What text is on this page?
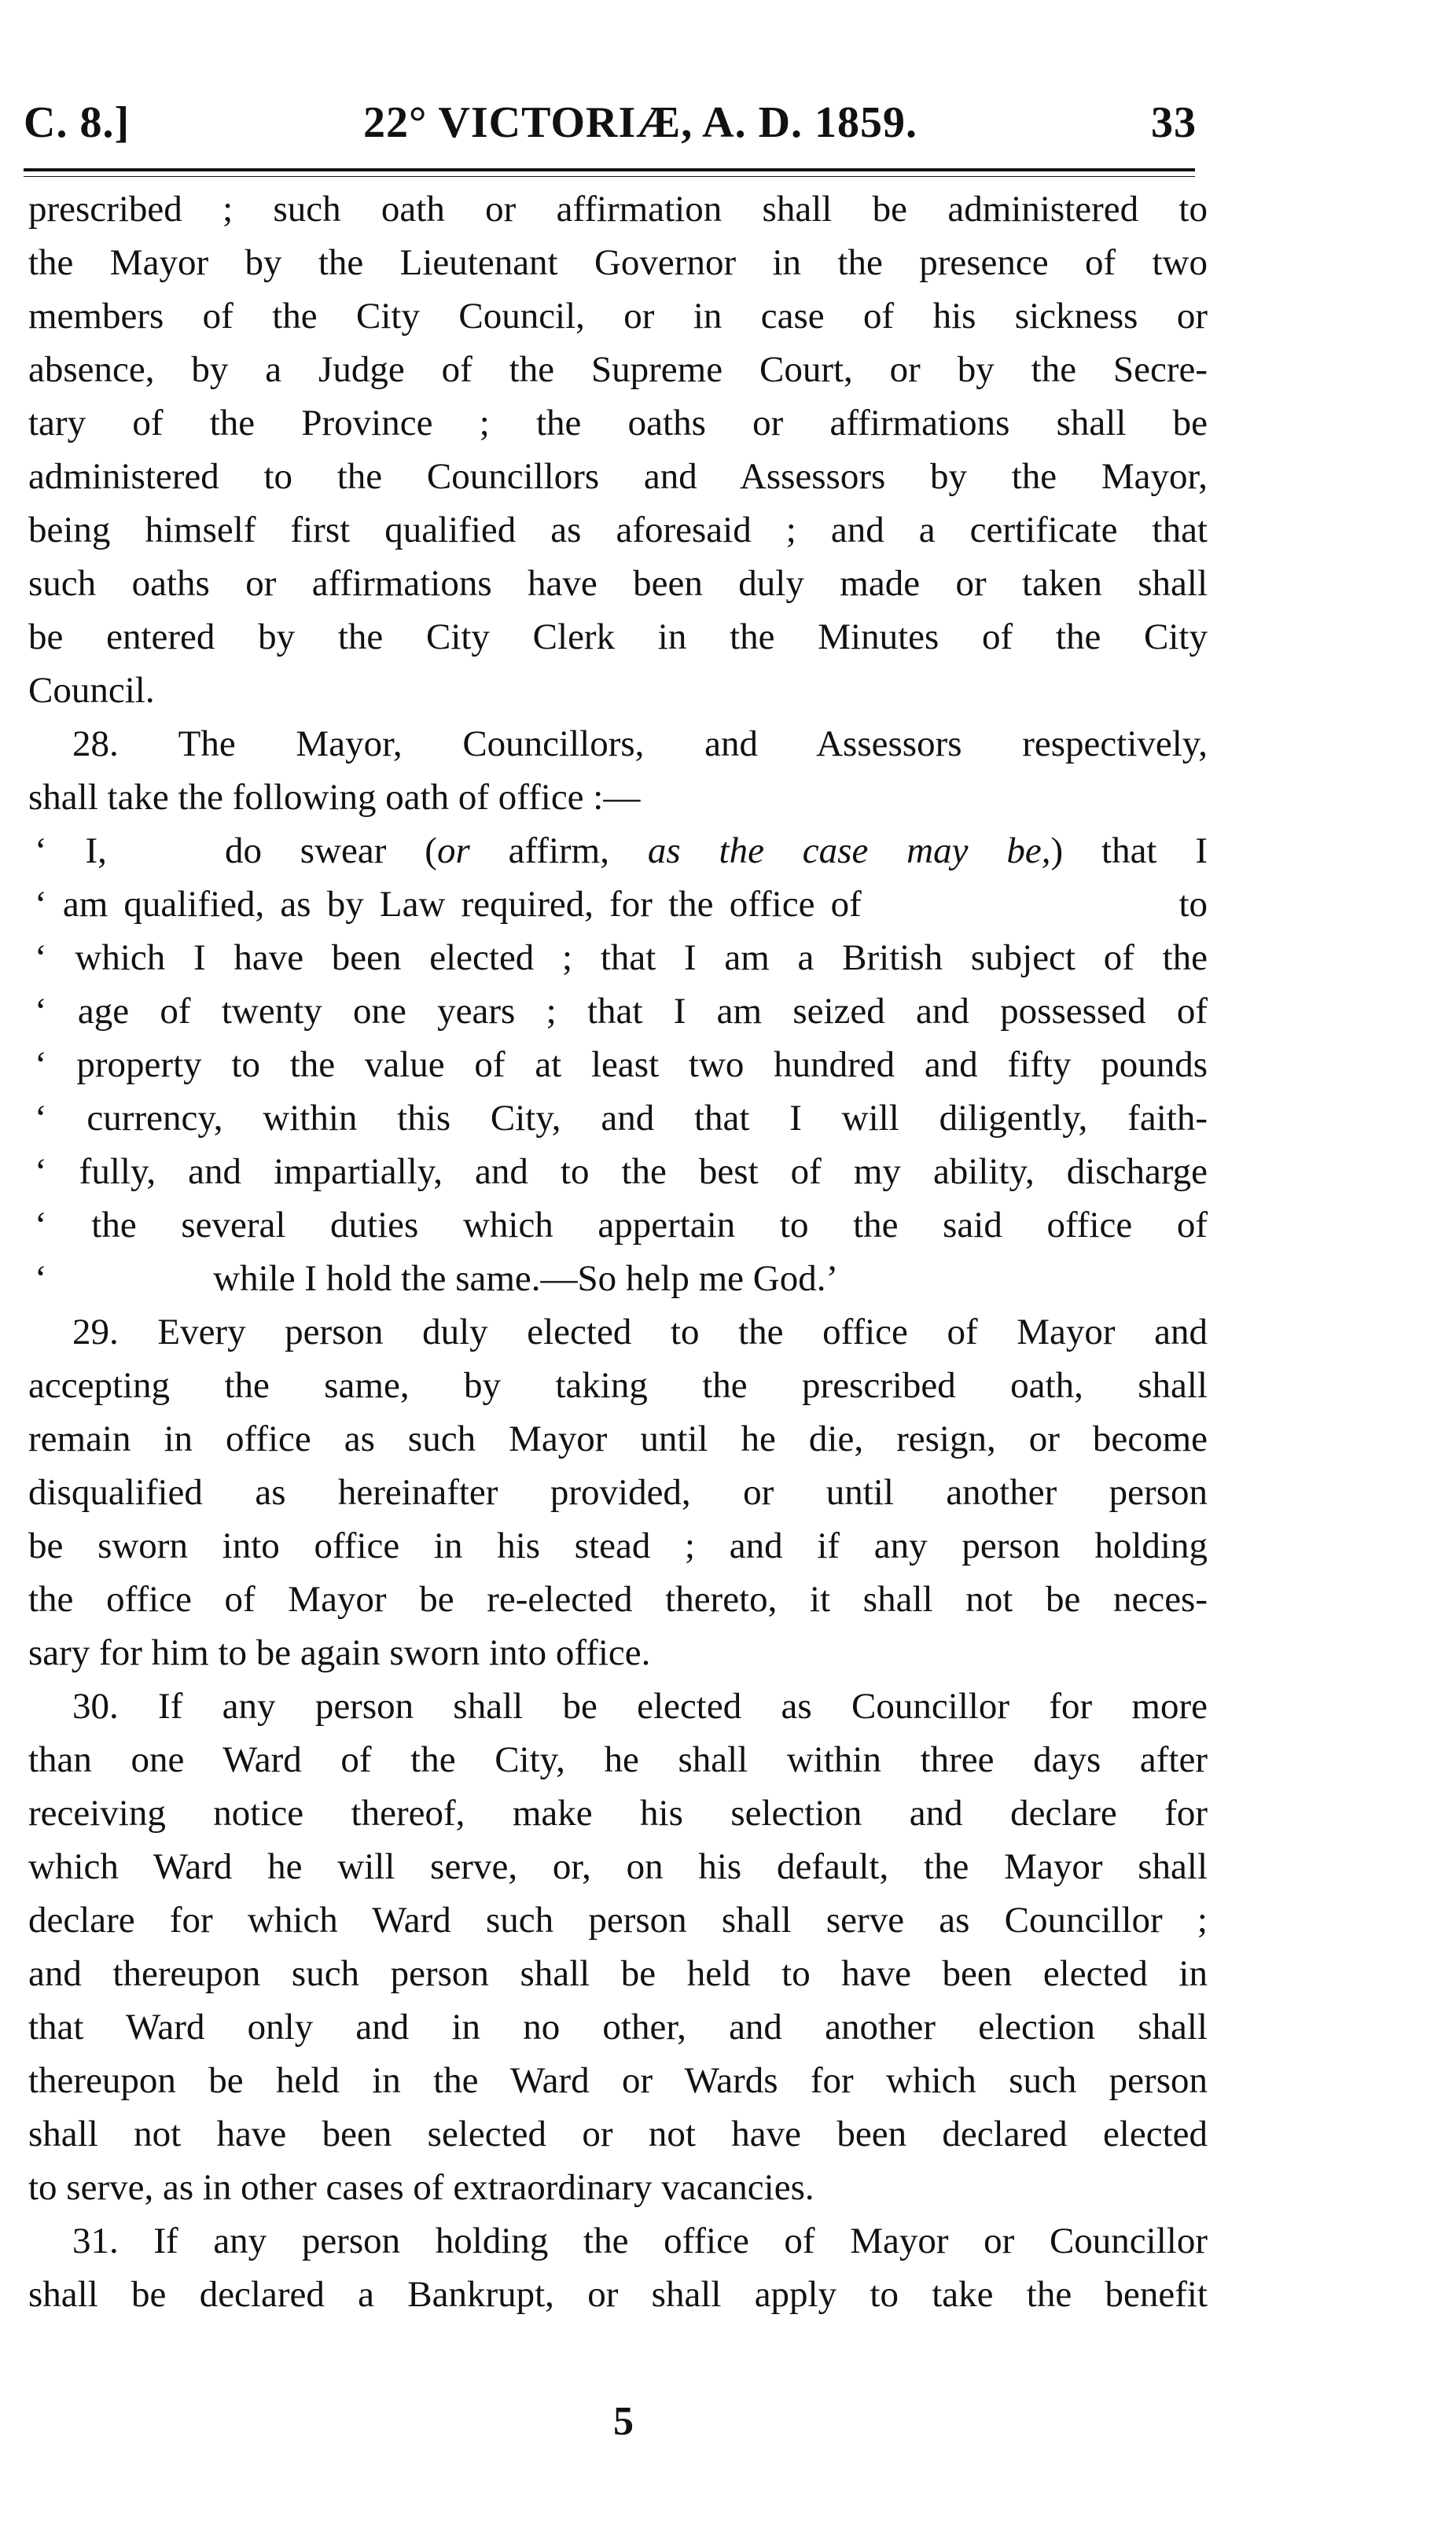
C. 8.]	22° VICTORIÆ, A. D. 1859.	33

prescribed ; such oath or affirmation shall be administered to
the Mayor by the Lieutenant Governor in the presence of two
members of the City Council, or in case of his sickness or
absence, by a Judge of the Supreme Court, or by the Secre-
tary of the Province ; the oaths or affirmations shall be
administered to the Councillors and Assessors by the Mayor,
being himself first qualified as aforesaid ; and a certificate that
such oaths or affirmations have been duly made or taken shall
be entered by the City Clerk in the Minutes of the City
Council.

28. The Mayor, Councillors, and Assessors respectively,
shall take the following oath of office :—

‘ I,	do swear (or affirm, as the case may be,) that I
‘ am qualified, as by Law required, for the office of                    to
‘ which I have been elected ; that I am a British subject of the
‘ age of twenty one years ; that I am seized and possessed of
‘ property to the value of at least two hundred and fifty pounds
‘ currency, within this City, and that I will diligently, faith-
‘ fully, and impartially, and to the best of my ability, discharge
‘ the several duties which appertain to the said office of
‘                  while I hold the same.—So help me God.’

29. Every person duly elected to the office of Mayor and
accepting the same, by taking the prescribed oath, shall
remain in office as such Mayor until he die, resign, or become
disqualified as hereinafter provided, or until another person
be sworn into office in his stead ; and if any person holding
the office of Mayor be re-elected thereto, it shall not be neces-
sary for him to be again sworn into office.

30. If any person shall be elected as Councillor for more
than one Ward of the City, he shall within three days after
receiving notice thereof, make his selection and declare for
which Ward he will serve, or, on his default, the Mayor shall
declare for which Ward such person shall serve as Councillor ;
and thereupon such person shall be held to have been elected in
that Ward only and in no other, and another election shall
thereupon be held in the Ward or Wards for which such person
shall not have been selected or not have been declared elected
to serve, as in other cases of extraordinary vacancies.

31. If any person holding the office of Mayor or Councillor
shall be declared a Bankrupt, or shall apply to take the benefit

5
